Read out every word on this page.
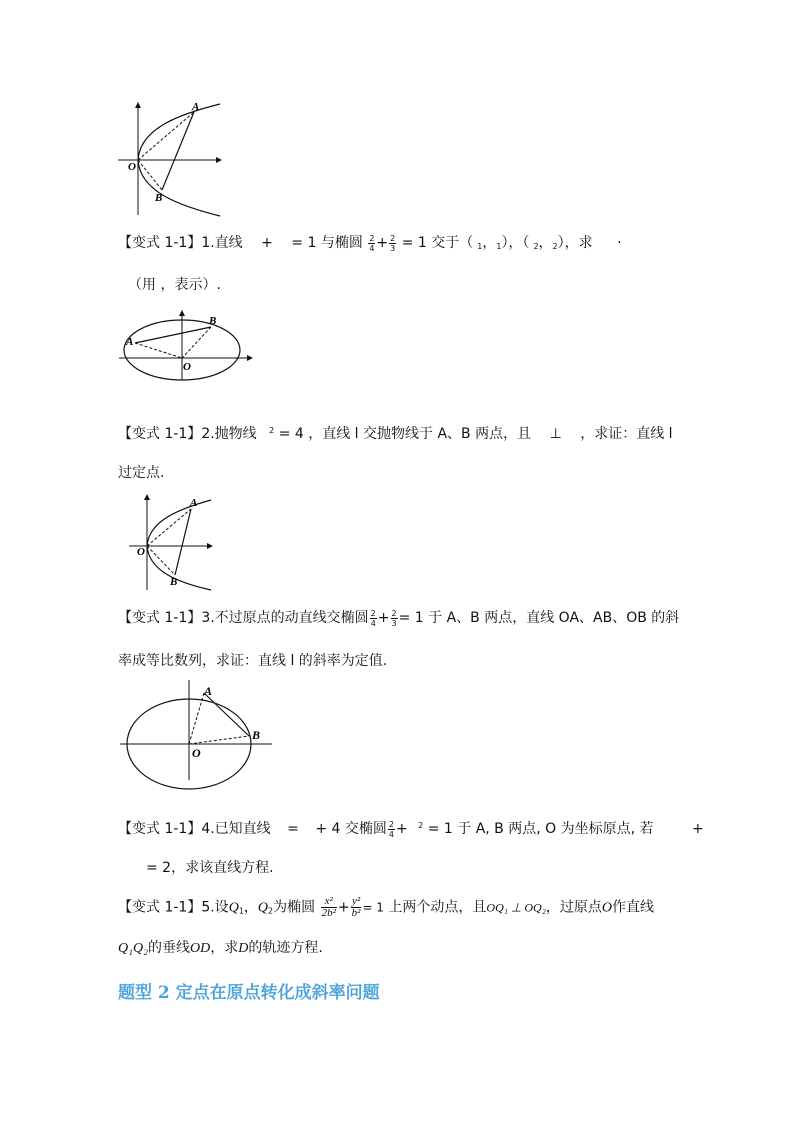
A
B
O
【变式 1-1】1.直线 + = 1 与椭圆 $\frac{2}{4} + \frac{2}{3} = 1$ 交于（ $_1$，$_1$），（ $_2$，$_2$），求 ·
（用 ，表示）.
A
B
O
【变式 1-1】2.抛物线 $^2$ = 4 ，直线 l 交抛物线于 A、B 两点，且 ⊥ ，求证：直线 l
过定点.
A
B
O
【变式 1-1】3.不过原点的动直线交椭圆 $\frac{2}{4} + \frac{2}{3} = 1$ 于 A、B 两点，直线 OA、AB、OB 的斜
率成等比数列，求证：直线 l 的斜率为定值.
A
B
O
【变式 1-1】4.已知直线 = + 4 交椭圆 $\frac{2}{4} + ^2 = 1$ 于 A, B 两点, O 为坐标原点, 若	+
= 2，求该直线方程.
【变式 1-1】5.设$Q_1$，$Q_2$为椭圆 $\frac{\text{x²}}{\text{2b²}} + \frac{\text{y²}}{\text{b²}} = 1$ 上两个动点，且OQ₁ ⊥ OQ₂，过原点O作直线
Q₁Q₂的垂线OD，求D的轨迹方程.
题型 2 定点在原点转化成斜率问题
